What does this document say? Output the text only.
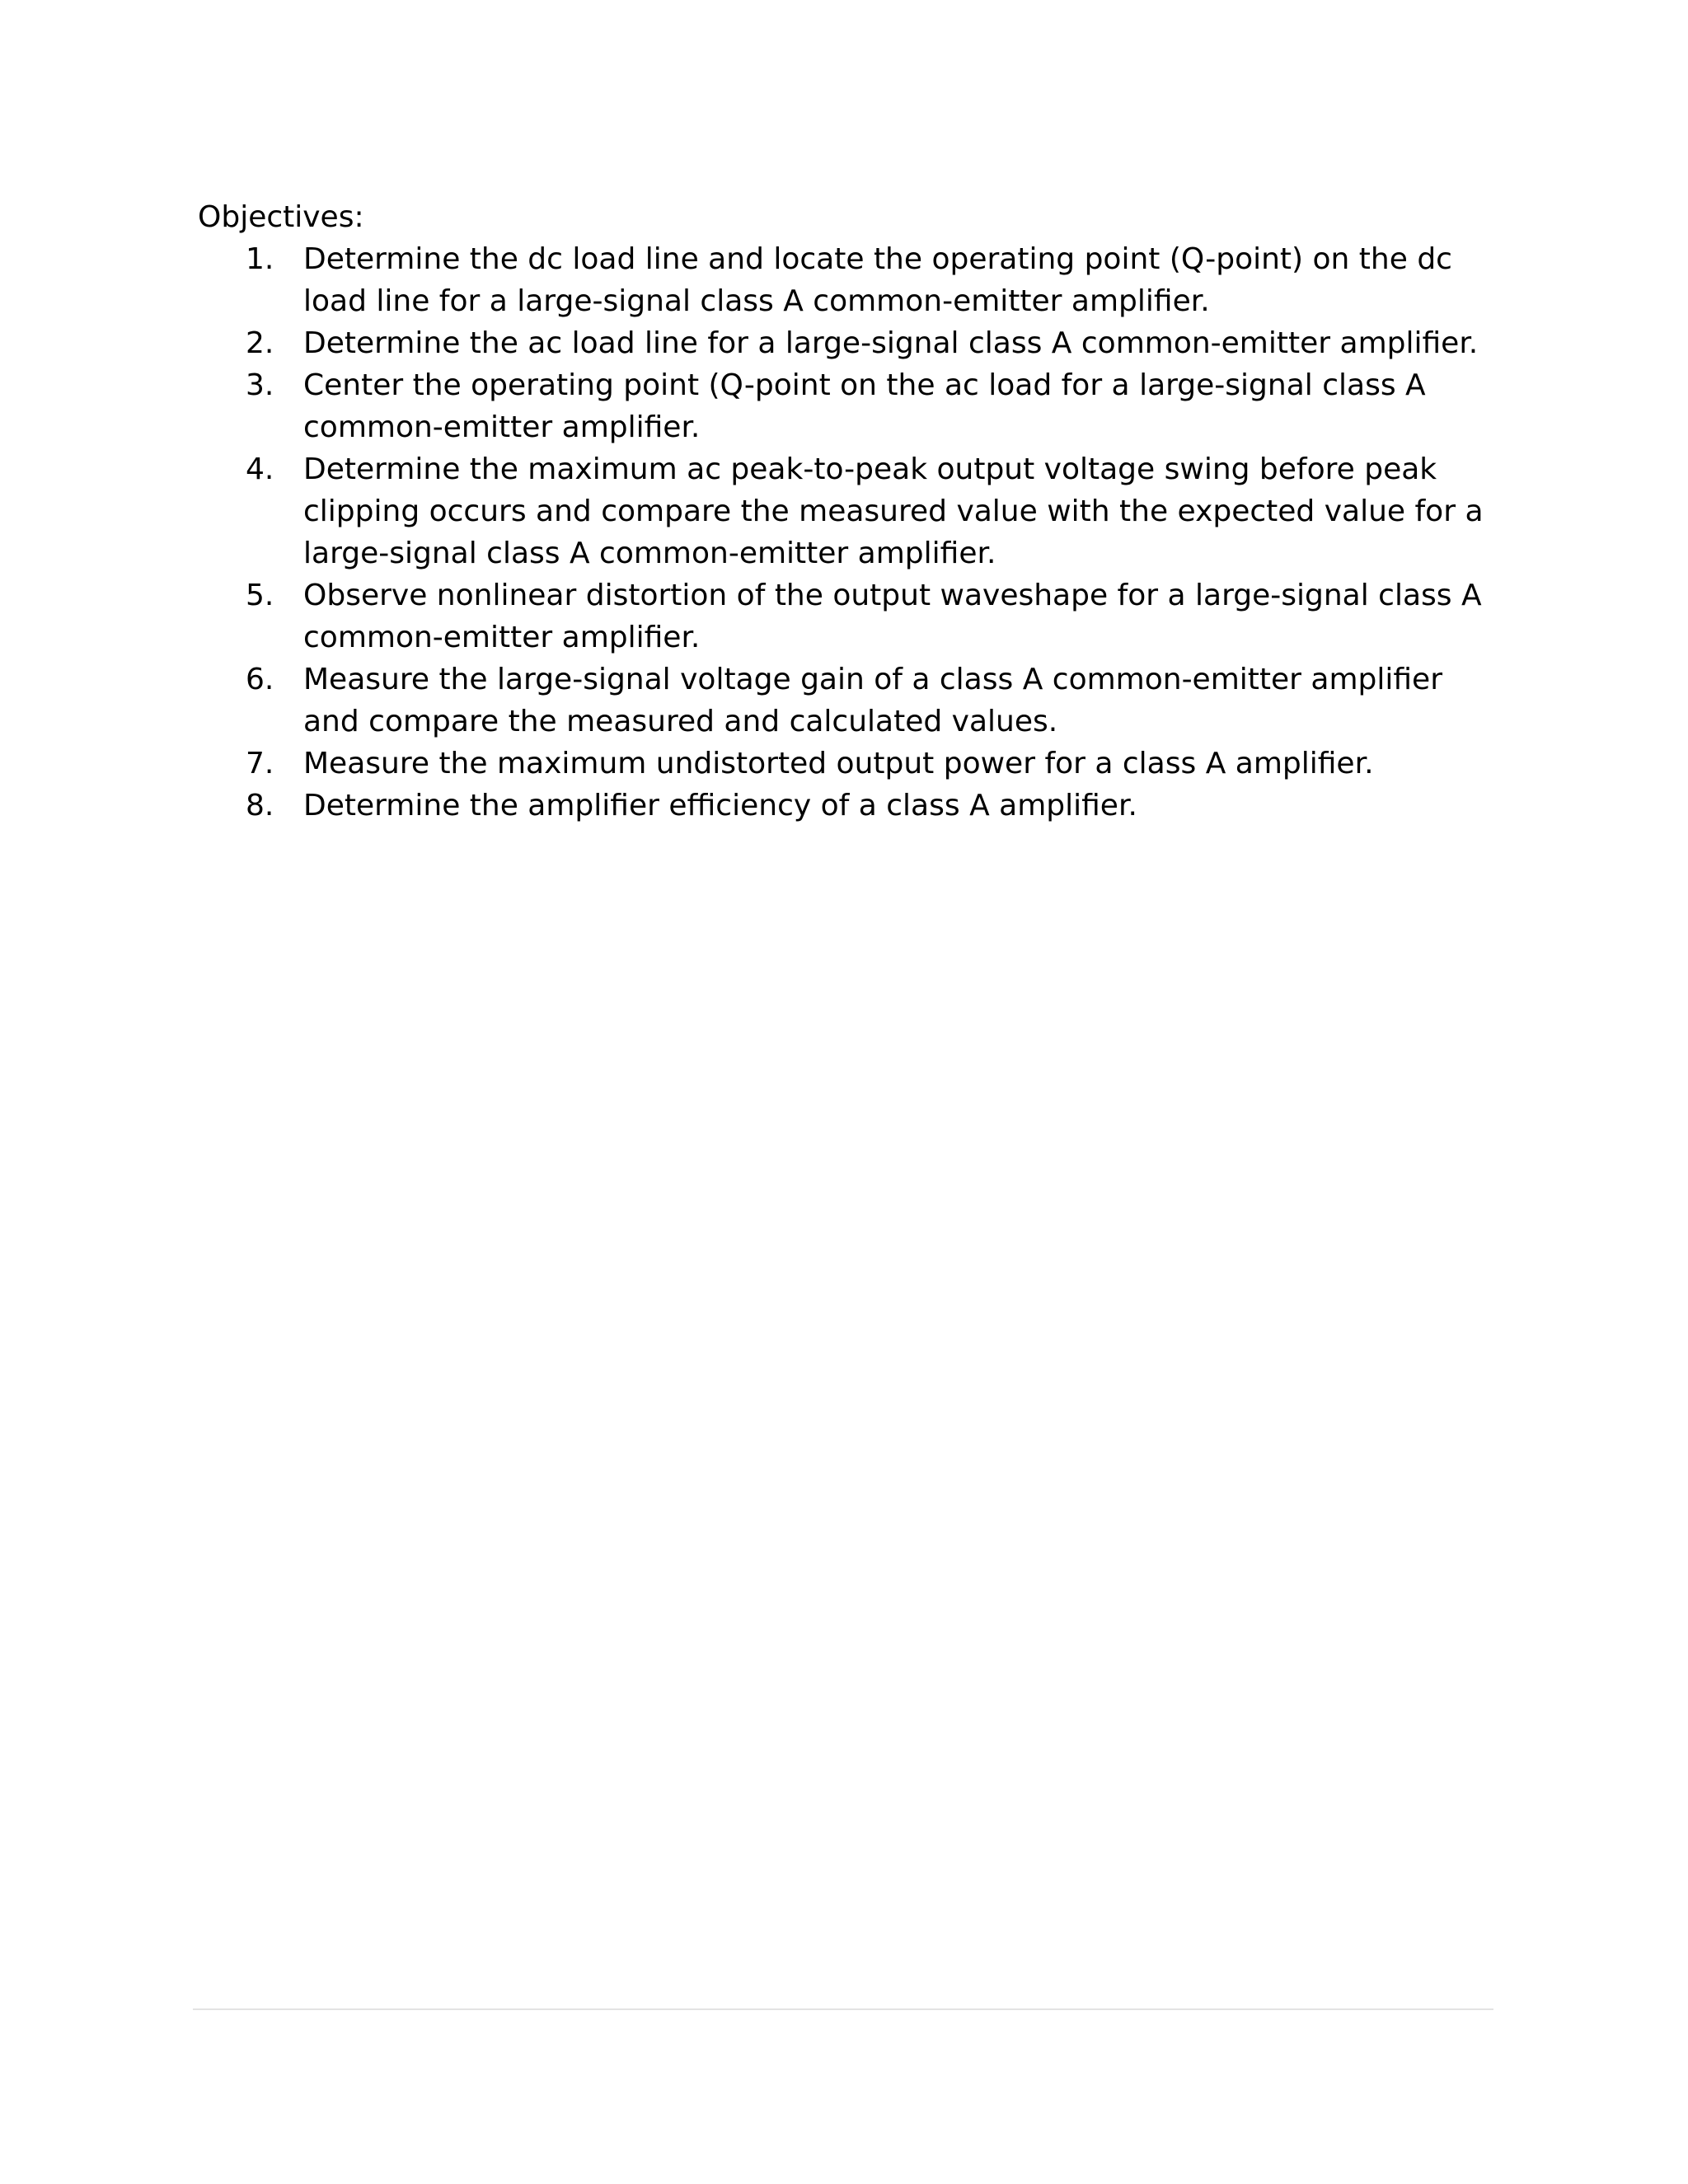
Objectives:
1. Determine the dc load line and locate the operating point (Q-point) on the dc load line for a large-signal class A common-emitter amplifier.
2. Determine the ac load line for a large-signal class A common-emitter amplifier.
3. Center the operating point (Q-point on the ac load for a large-signal class A common-emitter amplifier.
4. Determine the maximum ac peak-to-peak output voltage swing before peak clipping occurs and compare the measured value with the expected value for a large-signal class A common-emitter amplifier.
5. Observe nonlinear distortion of the output waveshape for a large-signal class A common-emitter amplifier.
6. Measure the large-signal voltage gain of a class A common-emitter amplifier and compare the measured and calculated values.
7. Measure the maximum undistorted output power for a class A amplifier.
8. Determine the amplifier efficiency of a class A amplifier.
